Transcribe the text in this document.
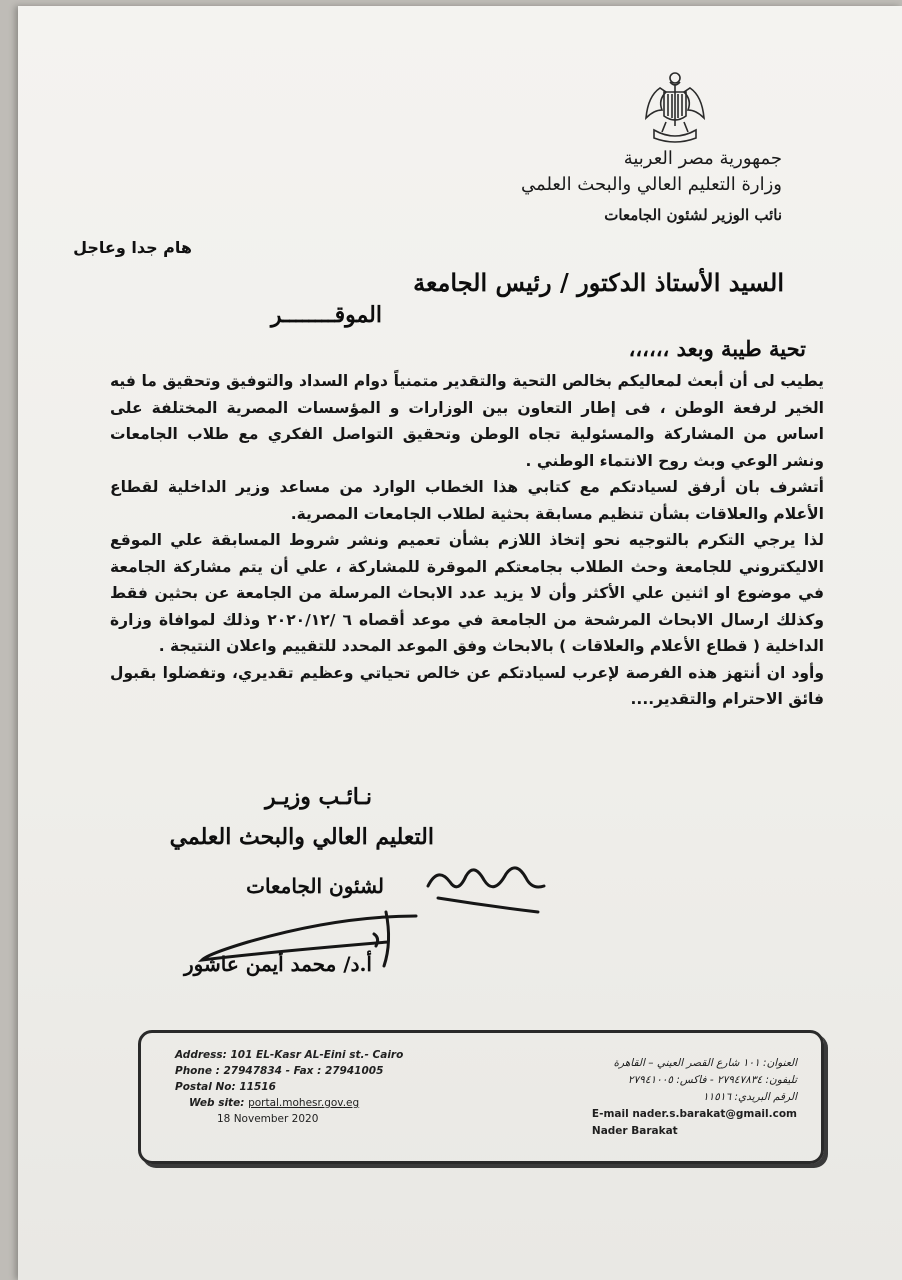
جمهورية مصر العربية
وزارة التعليم العالي والبحث العلمي
نائب الوزير لشئون الجامعات
هام جدا وعاجل
السيد الأستاذ الدكتور / رئيس الجامعة
الموقــــــــر
تحية طيبة وبعد ،،،،،،

يطيب لى أن أبعث لمعاليكم بخالص التحية والتقدير متمنياً دوام السداد والتوفيق وتحقيق ما فيه الخير لرفعة الوطن ، فى إطار التعاون بين الوزارات و المؤسسات المصرية المختلفة على اساس من المشاركة والمسئولية تجاه الوطن وتحقيق التواصل الفكري مع طلاب الجامعات ونشر الوعي وبث روح الانتماء الوطني .

أتشرف بان أرفق لسيادتكم مع كتابي هذا الخطاب الوارد من مساعد وزير الداخلية لقطاع الأعلام والعلاقات بشأن تنظيم مسابقة بحثية لطلاب الجامعات المصرية.

لذا يرجي التكرم بالتوجيه نحو إتخاذ اللازم بشأن تعميم ونشر شروط المسابقة علي الموقع الاليكتروني للجامعة وحث الطلاب بجامعتكم الموقرة للمشاركة ، علي أن يتم مشاركة الجامعة في موضوع او اثنين علي الأكثر وأن لا يزيد عدد الابحاث المرسلة من الجامعة عن بحثين فقط وكذلك ارسال الابحاث المرشحة من الجامعة في موعد أقصاه ٦ /٢٠٢٠/١٢ وذلك لموافاة وزارة الداخلية ( قطاع الأعلام والعلاقات ) بالابحاث وفق الموعد المحدد للتقييم واعلان النتيجة .

وأود ان أنتهز هذه الفرصة لإعرب لسيادتكم عن خالص تحياتي وعظيم تقديري، وتفضلوا بقبول فائق الاحترام والتقدير....

نـائـب وزيـر
التعليم العالي والبحث العلمي
لشئون الجامعات
أ.د/ محمد أيمن عاشور
Address: 101 EL-Kasr AL-Eini st.- Cairo
Phone : 27947834 - Fax : 27941005
Postal No: 11516
Web site: portal.mohesr.gov.eg
18 November 2020
العنوان: ١٠١ شارع القصر العيني – القاهرة
تليفون: ٢٧٩٤٧٨٣٤ - فاكس: ٢٧٩٤١٠٠٥
الرقم البريدي: ١١٥١٦
E-mail nader.s.barakat@gmail.com
Nader Barakat
